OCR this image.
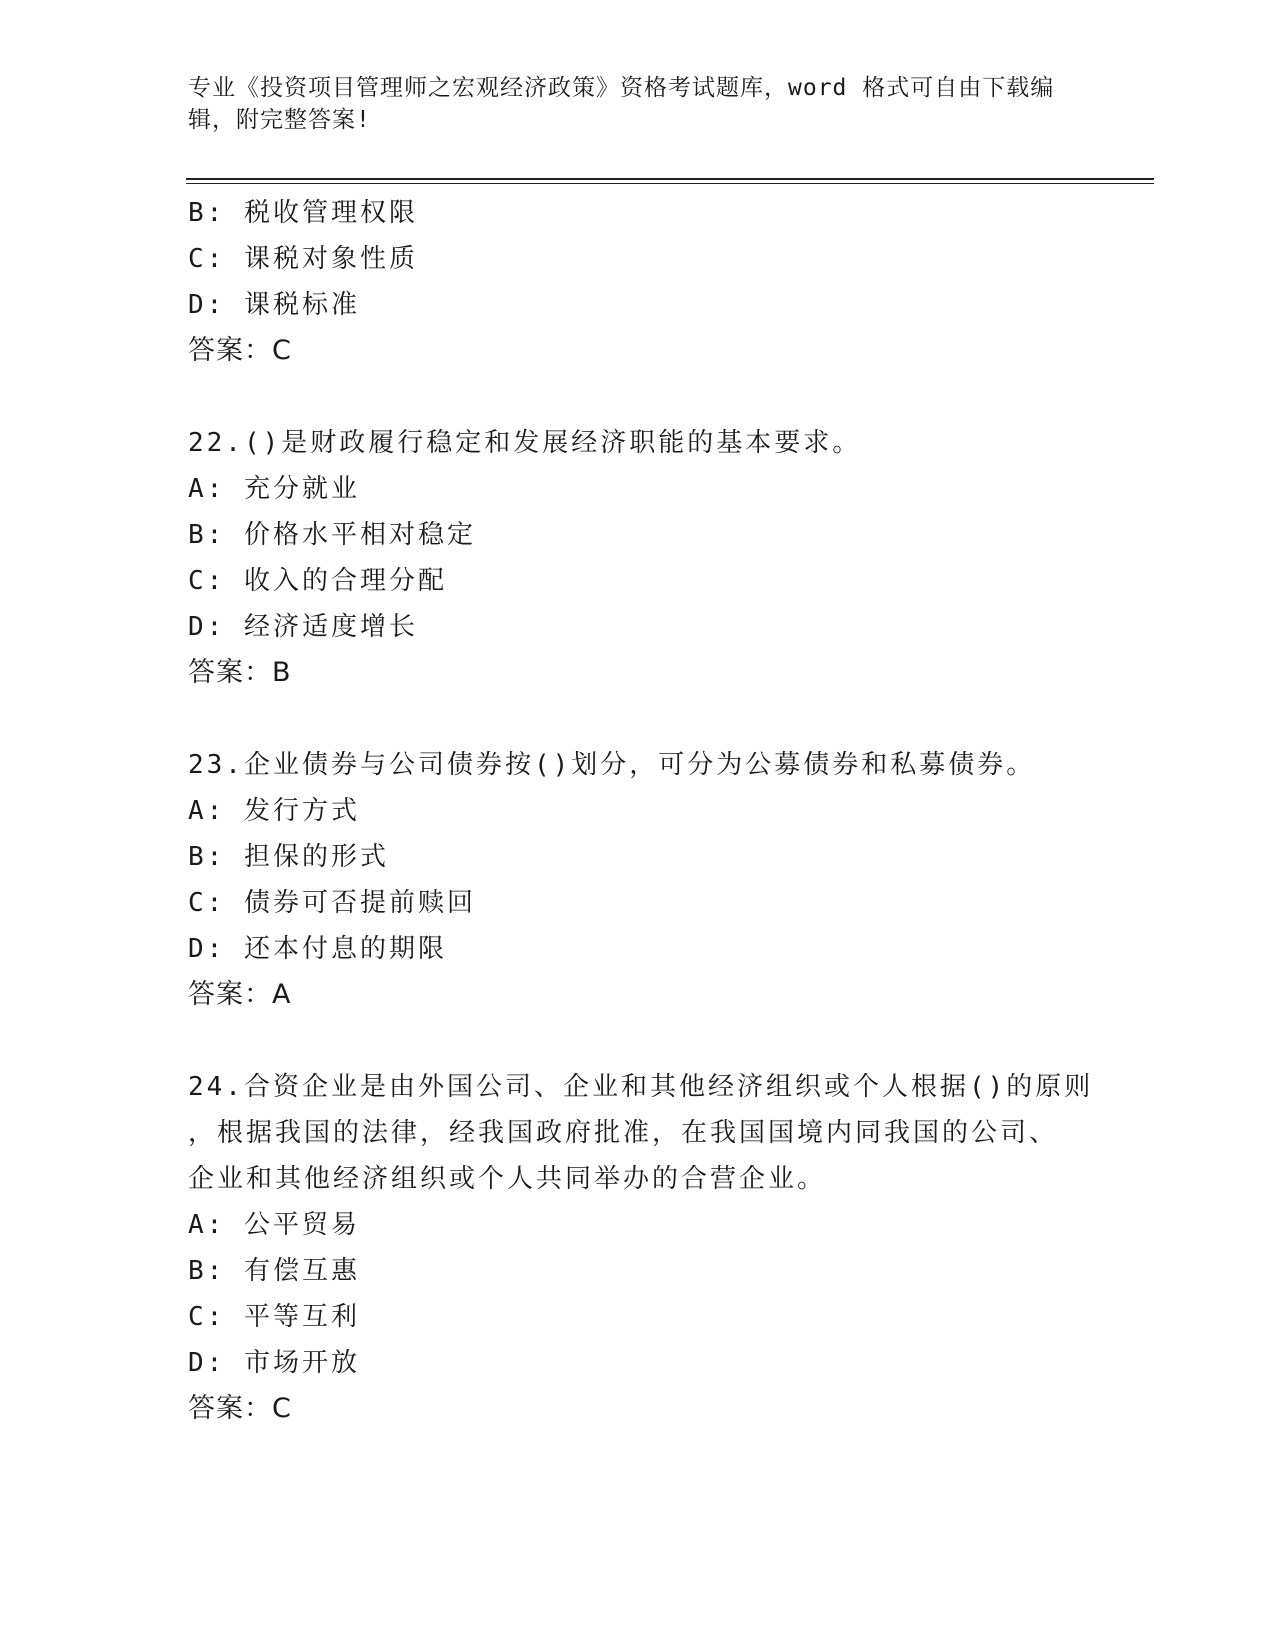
专业《投资项目管理师之宏观经济政策》资格考试题库，word 格式可自由下载编
辑，附完整答案!
B: 税收管理权限
C: 课税对象性质
D: 课税标准
答案：C
22.()是财政履行稳定和发展经济职能的基本要求。
A: 充分就业
B: 价格水平相对稳定
C: 收入的合理分配
D: 经济适度增长
答案：B
23.企业债券与公司债券按()划分，可分为公募债券和私募债券。
A: 发行方式
B: 担保的形式
C: 债券可否提前赎回
D: 还本付息的期限
答案：A
24.合资企业是由外国公司、企业和其他经济组织或个人根据()的原则
，根据我国的法律，经我国政府批准，在我国国境内同我国的公司、
企业和其他经济组织或个人共同举办的合营企业。
A: 公平贸易
B: 有偿互惠
C: 平等互利
D: 市场开放
答案：C
